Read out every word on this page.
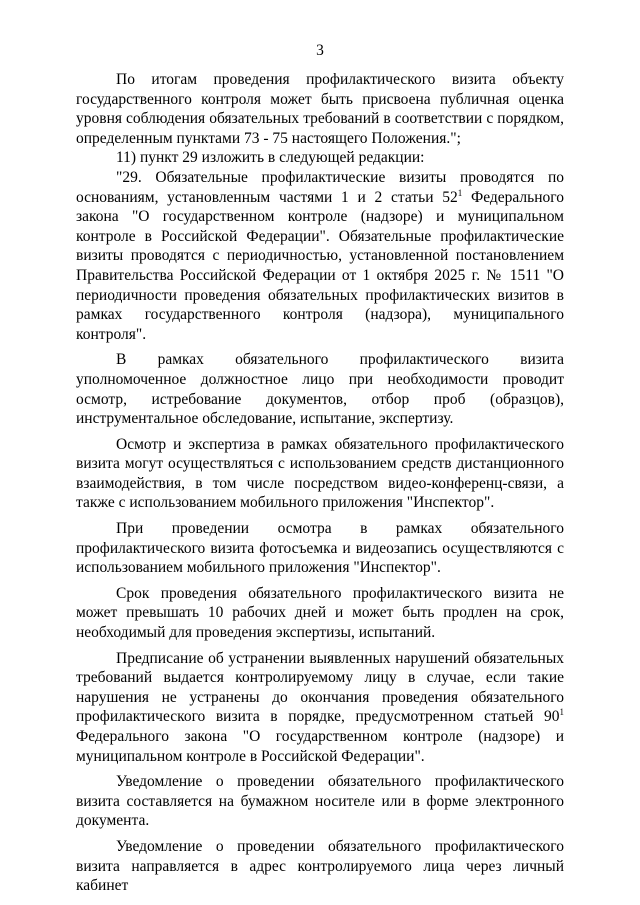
3

По итогам проведения профилактического визита объекту государственного контроля может быть присвоена публичная оценка уровня соблюдения обязательных требований в соответствии с порядком, определенным пунктами 73 - 75 настоящего Положения.";

11) пункт 29 изложить в следующей редакции:

"29. Обязательные профилактические визиты проводятся по основаниям, установленным частями 1 и 2 статьи $52^1$ Федерального закона "О государственном контроле (надзоре) и муниципальном контроле в Российской Федерации". Обязательные профилактические визиты проводятся с периодичностью, установленной постановлением Правительства Российской Федерации от 1 октября 2025 г. № 1511 "О периодичности проведения обязательных профилактических визитов в рамках государственного контроля (надзора), муниципального контроля".

В рамках обязательного профилактического визита уполномоченное должностное лицо при необходимости проводит осмотр, истребование документов, отбор проб (образцов), инструментальное обследование, испытание, экспертизу.

Осмотр и экспертиза в рамках обязательного профилактического визита могут осуществляться с использованием средств дистанционного взаимодействия, в том числе посредством видео-конференц-связи, а также с использованием мобильного приложения "Инспектор".

При проведении осмотра в рамках обязательного профилактического визита фотосъемка и видеозапись осуществляются с использованием мобильного приложения "Инспектор".

Срок проведения обязательного профилактического визита не может превышать 10 рабочих дней и может быть продлен на срок, необходимый для проведения экспертизы, испытаний.

Предписание об устранении выявленных нарушений обязательных требований выдается контролируемому лицу в случае, если такие нарушения не устранены до окончания проведения обязательного профилактического визита в порядке, предусмотренном статьей $90^1$ Федерального закона "О государственном контроле (надзоре) и муниципальном контроле в Российской Федерации".

Уведомление о проведении обязательного профилактического визита составляется на бумажном носителе или в форме электронного документа.

Уведомление о проведении обязательного профилактического визита направляется в адрес контролируемого лица через личный кабинет
